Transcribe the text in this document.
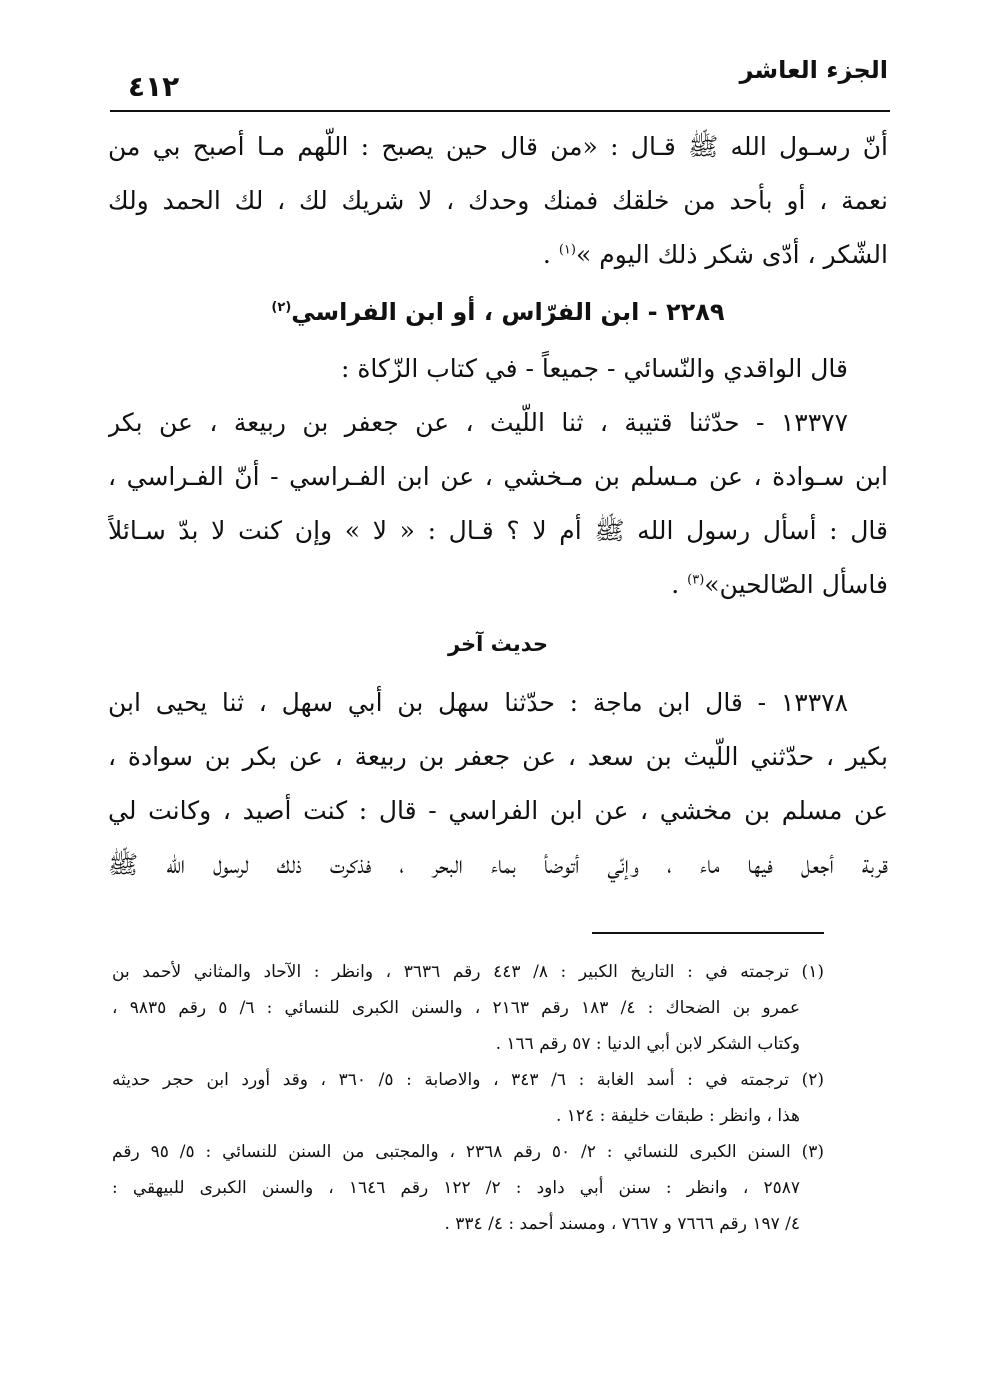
الجزء العاشر
٤١٢
أنّ رسـول الله ﷺ قـال : «من قال حين يصبح : اللّهم مـا أصبح بي من
نعمة ، أو بأحد من خلقك فمنك وحدك ، لا شريك لك ، لك الحمد ولك
الشّكر ، أدّى شكر ذلك اليوم »$^{(١)}$ .
٢٢٨٩ - ابن الفرّاس ، أو ابن الفراسي$^{(٢)}$
قال الواقدي والنّسائي - جميعاً - في كتاب الزّكاة :
١٣٣٧٧ - حدّثنا قتيبة ، ثنا اللّيث ، عن جعفر بن ربيعة ، عن بكر
ابن سـوادة ، عن مـسلم بن مـخشي ، عن ابن الفـراسي - أنّ الفـراسي ،
قال : أسأل رسول الله ﷺ أم لا ؟ قـال : « لا » وإن كنت لا بدّ سـائلاً
فاسأل الصّالحين»$^{(٣)}$ .
حديث آخر
١٣٣٧٨ - قال ابن ماجة : حدّثنا سهل بن أبي سهل ، ثنا يحيى ابن
بكير ، حدّثني اللّيث بن سعد ، عن جعفر بن ربيعة ، عن بكر بن سوادة ،
عن مسلم بن مخشي ، عن ابن الفراسي - قال : كنت أصيد ، وكانت لي
قربة أجعل فيها ماء ، وإنّي أتوضأ بماء البحر ، فذكرت ذلك لرسول الله ﷺ
(١) ترجمته في : التاريخ الكبير : ٨/ ٤٤٣ رقم ٣٦٣٦ ، وانظر : الآحاد والمثاني لأحمد بن
عمرو بن الضحاك : ٤/ ١٨٣ رقم ٢١٦٣ ، والسنن الكبرى للنسائي : ٦/ ٥ رقم ٩٨٣٥ ،
وكتاب الشكر لابن أبي الدنيا : ٥٧ رقم ١٦٦ .
(٢) ترجمته في : أسد الغابة : ٦/ ٣٤٣ ، والاصابة : ٥/ ٣٦٠ ، وقد أورد ابن حجر حديثه
هذا ، وانظر : طبقات خليفة : ١٢٤ .
(٣) السنن الكبرى للنسائي : ٢/ ٥٠ رقم ٢٣٦٨ ، والمجتبى من السنن للنسائي : ٥/ ٩٥ رقم
٢٥٨٧ ، وانظر : سنن أبي داود : ٢/ ١٢٢ رقم ١٦٤٦ ، والسنن الكبرى للبيهقي :
٤/ ١٩٧ رقم ٧٦٦٦ و ٧٦٦٧ ، ومسند أحمد : ٤/ ٣٣٤ .
